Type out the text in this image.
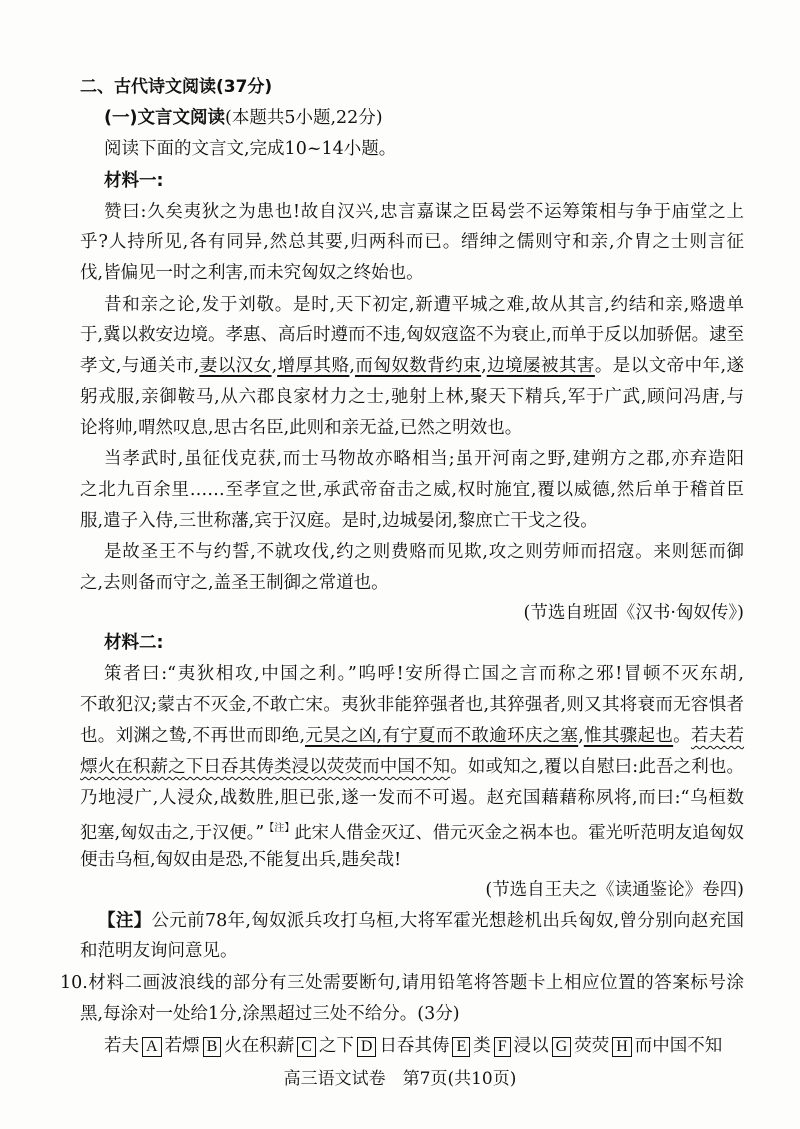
二、古代诗文阅读(37分)
(一)文言文阅读(本题共5小题,22分)
阅读下面的文言文,完成10~14小题。
材料一:
赞曰:久矣夷狄之为患也!故自汉兴,忠言嘉谋之臣曷尝不运筹策相与争于庙堂之上
乎?人持所见,各有同异,然总其要,归两科而已。缙绅之儒则守和亲,介胄之士则言征
伐,皆偏见一时之利害,而未究匈奴之终始也。
昔和亲之论,发于刘敬。是时,天下初定,新遭平城之难,故从其言,约结和亲,赂遗单
于,冀以救安边境。孝惠、高后时遵而不违,匈奴寇盗不为衰止,而单于反以加骄倨。逮至
孝文,与通关市,妻以汉女,增厚其赂,而匈奴数背约束,边境屡被其害。是以文帝中年,遂
躬戎服,亲御鞍马,从六郡良家材力之士,驰射上林,聚天下精兵,军于广武,顾问冯唐,与
论将帅,喟然叹息,思古名臣,此则和亲无益,已然之明效也。
当孝武时,虽征伐克获,而士马物故亦略相当;虽开河南之野,建朔方之郡,亦弃造阳
之北九百余里……至孝宣之世,承武帝奋击之威,权时施宜,覆以威德,然后单于稽首臣
服,遣子入侍,三世称藩,宾于汉庭。是时,边城晏闭,黎庶亡干戈之役。
是故圣王不与约誓,不就攻伐,约之则费赂而见欺,攻之则劳师而招寇。来则惩而御
之,去则备而守之,盖圣王制御之常道也。
(节选自班固《汉书·匈奴传》)
材料二:
策者曰:“夷狄相攻,中国之利。”呜呼!安所得亡国之言而称之邪!冒顿不灭东胡,
不敢犯汉;蒙古不灭金,不敢亡宋。夷狄非能猝强者也,其猝强者,则又其将衰而无容惧者
也。刘渊之鸷,不再世而即绝,元昊之凶,有宁夏而不敢逾环庆之塞,惟其骤起也。若夫若
熛火在积薪之下日吞其俦类浸以荧荧而中国不知。如或知之,覆以自慰曰:此吾之利也。
乃地浸广,人浸众,战数胜,胆已张,遂一发而不可遏。赵充国藉藉称夙将,而曰:“乌桓数
犯塞,匈奴击之,于汉便。”$^{【注】}$此宋人借金灭辽、借元灭金之祸本也。霍光听范明友追匈奴
便击乌桓,匈奴由是恐,不能复出兵,韪矣哉!
(节选自王夫之《读通鉴论》卷四)
【注】公元前78年,匈奴派兵攻打乌桓,大将军霍光想趁机出兵匈奴,曾分别向赵充国
和范明友询问意见。
10.材料二画波浪线的部分有三处需要断句,请用铅笔将答题卡上相应位置的答案标号涂
黑,每涂对一处给1分,涂黑超过三处不给分。(3分)
若夫 A 若熛 B 火在积薪 C 之下 D 日吞其俦 E 类 F 浸以 G 荧荧 H 而中国不知
高三语文试卷　第7页(共10页)
